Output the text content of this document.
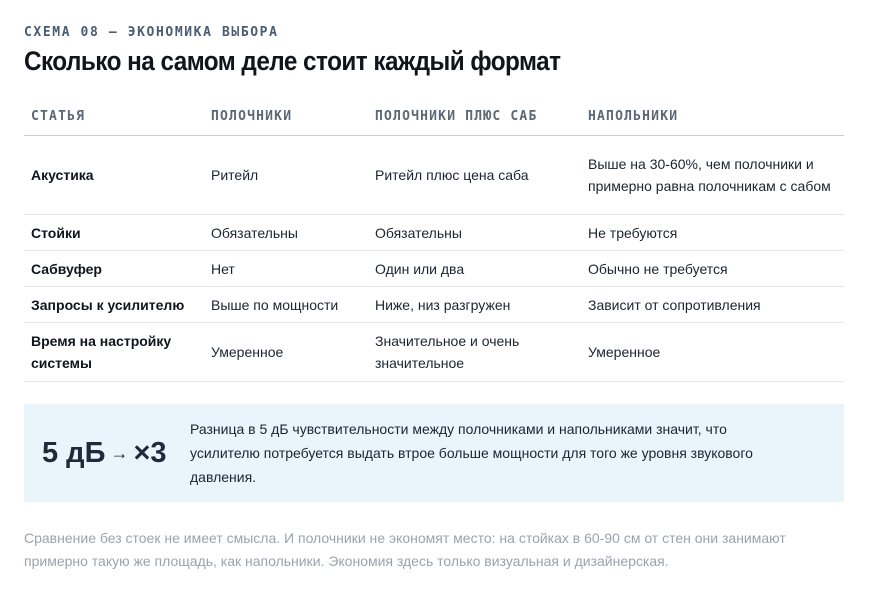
СХЕМА 08 — ЭКОНОМИКА ВЫБОРА
Сколько на самом деле стоит каждый формат
СТАТЬЯ	ПОЛОЧНИКИ	ПОЛОЧНИКИ ПЛЮС САБ	НАПОЛЬНИКИ
Акустика	Ритейл	Ритейл плюс цена саба	Выше на 30-60%, чем полочники и примерно равна полочникам с сабом
Стойки	Обязательны	Обязательны	Не требуются
Сабвуфер	Нет	Один или два	Обычно не требуется
Запросы к усилителю	Выше по мощности	Ниже, низ разгружен	Зависит от сопротивления
Время на настройку системы	Умеренное	Значительное и очень значительное	Умеренное
5 дБ → ×3
Разница в 5 дБ чувствительности между полочниками и напольниками значит, что усилителю потребуется выдать втрое больше мощности для того же уровня звукового давления.
Сравнение без стоек не имеет смысла. И полочники не экономят место: на стойках в 60-90 см от стен они занимают примерно такую же площадь, как напольники. Экономия здесь только визуальная и дизайнерская.
